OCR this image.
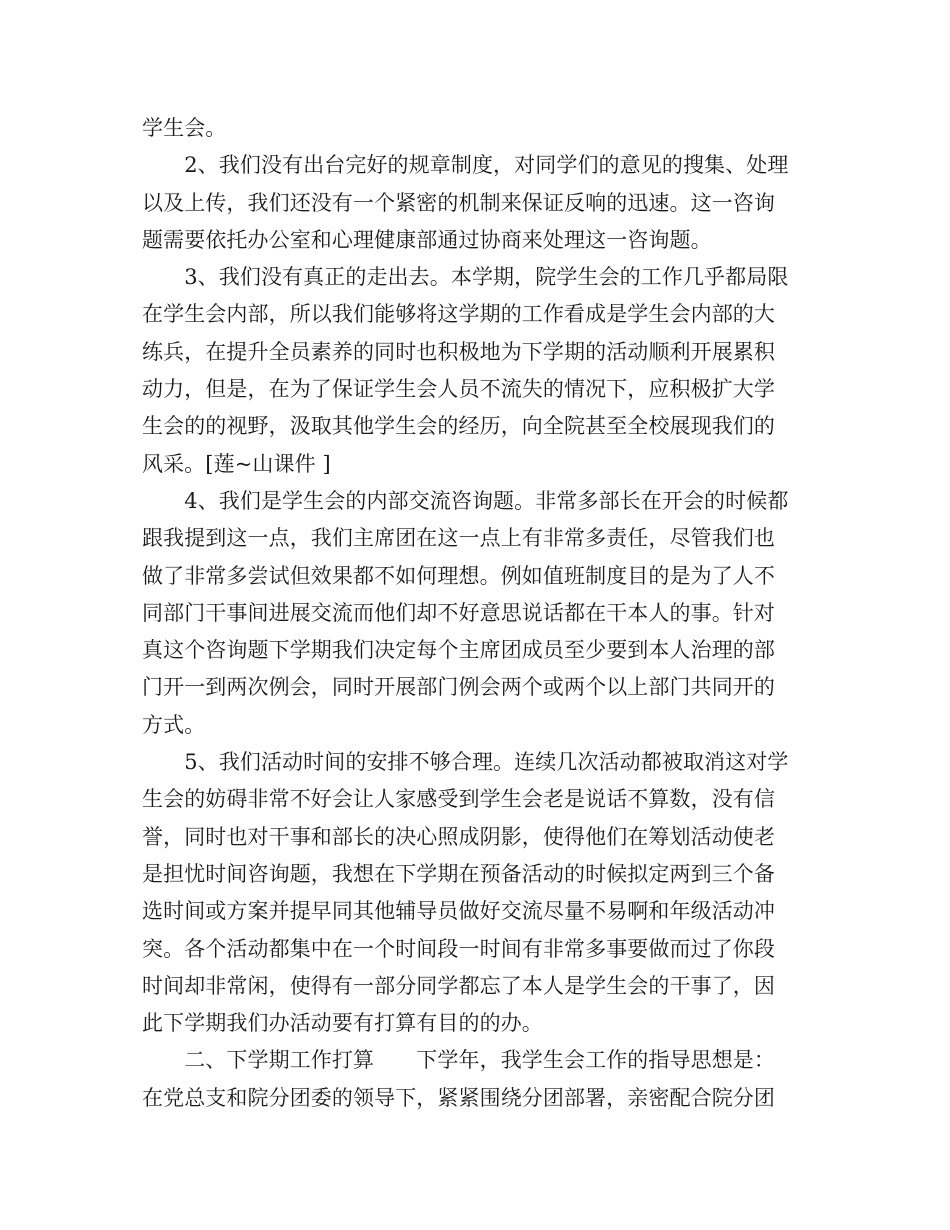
学生会。
　　2、我们没有出台完好的规章制度，对同学们的意见的搜集、处理
以及上传，我们还没有一个紧密的机制来保证反响的迅速。这一咨询
题需要依托办公室和心理健康部通过协商来处理这一咨询题。
　　3、我们没有真正的走出去。本学期，院学生会的工作几乎都局限
在学生会内部，所以我们能够将这学期的工作看成是学生会内部的大
练兵，在提升全员素养的同时也积极地为下学期的活动顺利开展累积
动力，但是，在为了保证学生会人员不流失的情况下，应积极扩大学
生会的的视野，汲取其他学生会的经历，向全院甚至全校展现我们的
风采。[莲~山课件 ]
　　4、我们是学生会的内部交流咨询题。非常多部长在开会的时候都
跟我提到这一点，我们主席团在这一点上有非常多责任，尽管我们也
做了非常多尝试但效果都不如何理想。例如值班制度目的是为了人不
同部门干事间进展交流而他们却不好意思说话都在干本人的事。针对
真这个咨询题下学期我们决定每个主席团成员至少要到本人治理的部
门开一到两次例会，同时开展部门例会两个或两个以上部门共同开的
方式。
　　5、我们活动时间的安排不够合理。连续几次活动都被取消这对学
生会的妨碍非常不好会让人家感受到学生会老是说话不算数，没有信
誉，同时也对干事和部长的决心照成阴影，使得他们在筹划活动使老
是担忧时间咨询题，我想在下学期在预备活动的时候拟定两到三个备
选时间或方案并提早同其他辅导员做好交流尽量不易啊和年级活动冲
突。各个活动都集中在一个时间段一时间有非常多事要做而过了你段
时间却非常闲，使得有一部分同学都忘了本人是学生会的干事了，因
此下学期我们办活动要有打算有目的的办。
　　二、下学期工作打算　　下学年，我学生会工作的指导思想是：
在党总支和院分团委的领导下，紧紧围绕分团部署，亲密配合院分团
